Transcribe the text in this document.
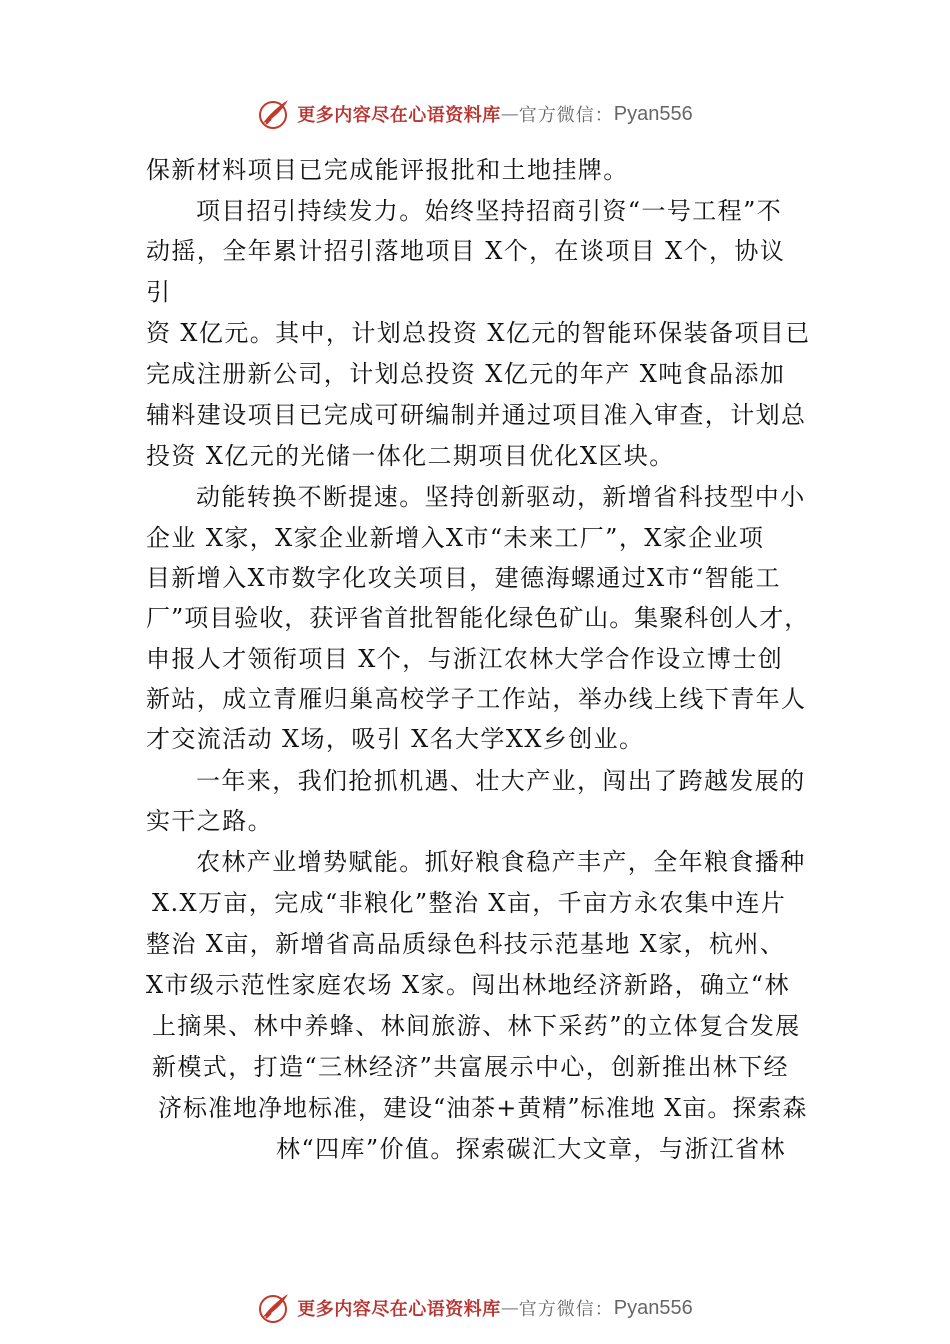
更多内容尽在心语资料库 — 官方微信： Pyan556
保新材料项目已完成能评报批和土地挂牌。
项目招引持续发力。始终坚持招商引资“一号工程”不
动摇，全年累计招引落地项目 X个，在谈项目 X个，协议
引
资 X亿元。其中，计划总投资 X亿元的智能环保装备项目已
完成注册新公司，计划总投资 X亿元的年产 X吨食品添加
辅料建设项目已完成可研编制并通过项目准入审查，计划总
投资 X亿元的光储一体化二期项目优化X区块。
动能转换不断提速。坚持创新驱动，新增省科技型中小
企业 X家，X家企业新增入X市“未来工厂”，X家企业项
目新增入X市数字化攻关项目，建德海螺通过X市“智能工
厂”项目验收，获评省首批智能化绿色矿山。集聚科创人才，
申报人才领衔项目 X个，与浙江农林大学合作设立博士创
新站，成立青雁归巢高校学子工作站，举办线上线下青年人
才交流活动 X场，吸引 X名大学XX乡创业。
一年来，我们抢抓机遇、壮大产业，闯出了跨越发展的
实干之路。
农林产业增势赋能。抓好粮食稳产丰产，全年粮食播种
X.X万亩，完成“非粮化”整治 X亩，千亩方永农集中连片
整治 X亩，新增省高品质绿色科技示范基地 X家，杭州、
X市级示范性家庭农场 X家。闯出林地经济新路，确立“林
上摘果、林中养蜂、林间旅游、林下采药”的立体复合发展
新模式，打造“三林经济”共富展示中心，创新推出林下经
济标准地净地标准，建设“油茶+黄精”标准地 X亩。探索森
林“四库”价值。探索碳汇大文章，与浙江省林
更多内容尽在心语资料库 — 官方微信： Pyan556
